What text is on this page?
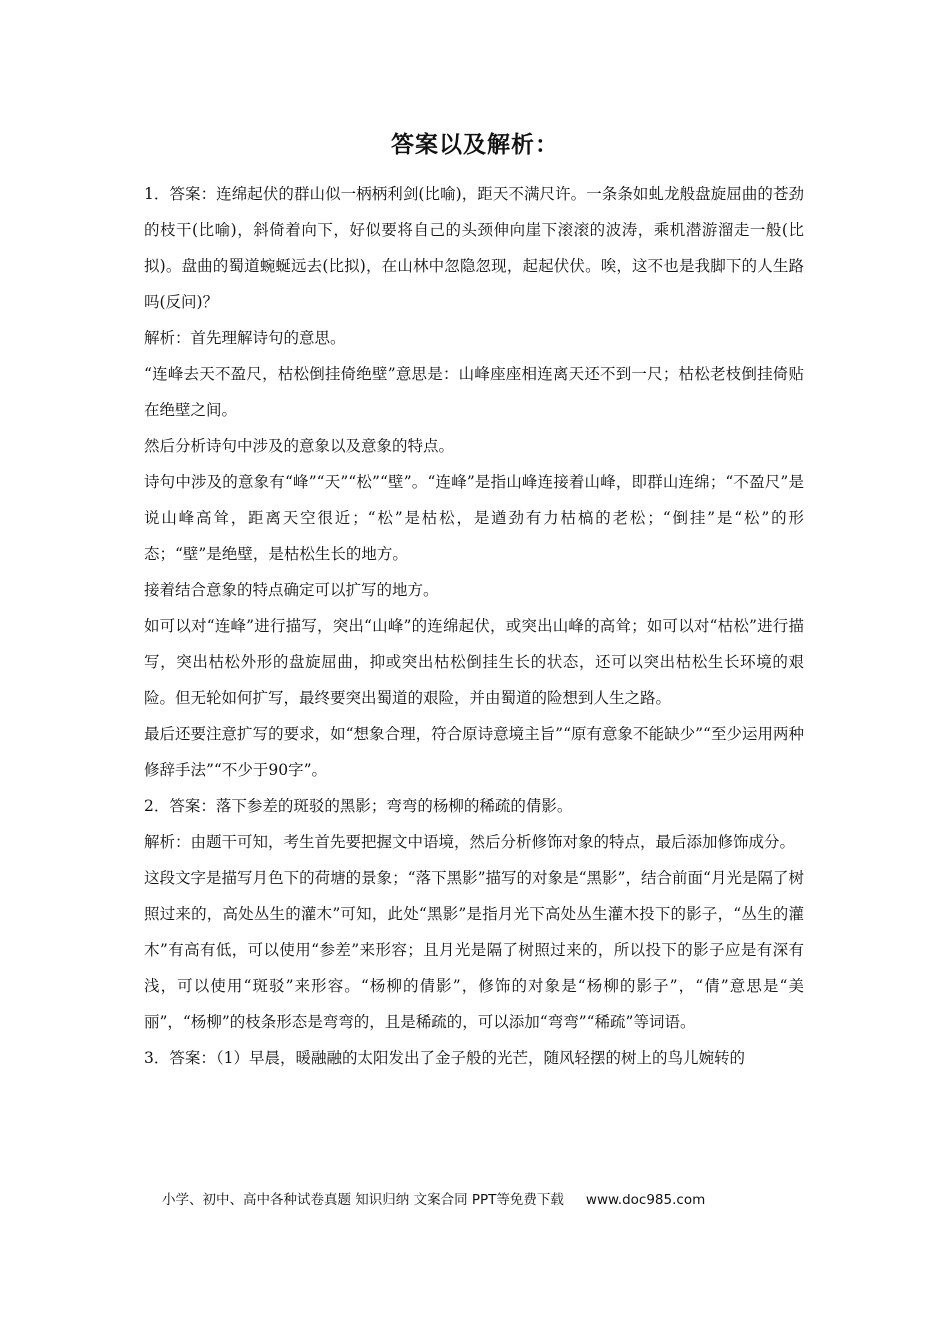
答案以及解析：

1．答案：连绵起伏的群山似一柄柄利剑(比喻)，距天不满尺许。一条条如虬龙般盘旋屈曲的苍劲的枝干(比喻)，斜倚着向下，好似要将自己的头颈伸向崖下滚滚的波涛，乘机潜游溜走一般(比拟)。盘曲的蜀道蜿蜒远去(比拟)，在山林中忽隐忽现，起起伏伏。唉，这不也是我脚下的人生路吗(反问)？

解析：首先理解诗句的意思。

“连峰去天不盈尺，枯松倒挂倚绝壁”意思是：山峰座座相连离天还不到一尺；枯松老枝倒挂倚贴在绝壁之间。

然后分析诗句中涉及的意象以及意象的特点。

诗句中涉及的意象有“峰”“天”“松”“壁”。“连峰”是指山峰连接着山峰，即群山连绵；“不盈尺”是说山峰高耸，距离天空很近；“松”是枯松，是遒劲有力枯槁的老松；“倒挂”是“松”的形态；“壁”是绝壁，是枯松生长的地方。

接着结合意象的特点确定可以扩写的地方。

如可以对“连峰”进行描写，突出“山峰”的连绵起伏，或突出山峰的高耸；如可以对“枯松”进行描写，突出枯松外形的盘旋屈曲，抑或突出枯松倒挂生长的状态，还可以突出枯松生长环境的艰险。但无轮如何扩写，最终要突出蜀道的艰险，并由蜀道的险想到人生之路。

最后还要注意扩写的要求，如“想象合理，符合原诗意境主旨”“原有意象不能缺少”“至少运用两种修辞手法”“不少于90字”。

2．答案：落下参差的斑驳的黑影；弯弯的杨柳的稀疏的倩影。

解析：由题干可知，考生首先要把握文中语境，然后分析修饰对象的特点，最后添加修饰成分。

这段文字是描写月色下的荷塘的景象；“落下黑影”描写的对象是“黑影”，结合前面“月光是隔了树照过来的，高处丛生的灌木”可知，此处“黑影”是指月光下高处丛生灌木投下的影子，“丛生的灌木”有高有低，可以使用“参差”来形容；且月光是隔了树照过来的，所以投下的影子应是有深有浅，可以使用“斑驳”来形容。“杨柳的倩影”，修饰的对象是“杨柳的影子”，“倩”意思是“美丽”，“杨柳”的枝条形态是弯弯的，且是稀疏的，可以添加“弯弯”“稀疏”等词语。

3．答案：（1）早晨，暖融融的太阳发出了金子般的光芒，随风轻摆的树上的鸟儿婉转的

小学、初中、高中各种试卷真题 知识归纳 文案合同 PPT等免费下载 www.doc985.com
